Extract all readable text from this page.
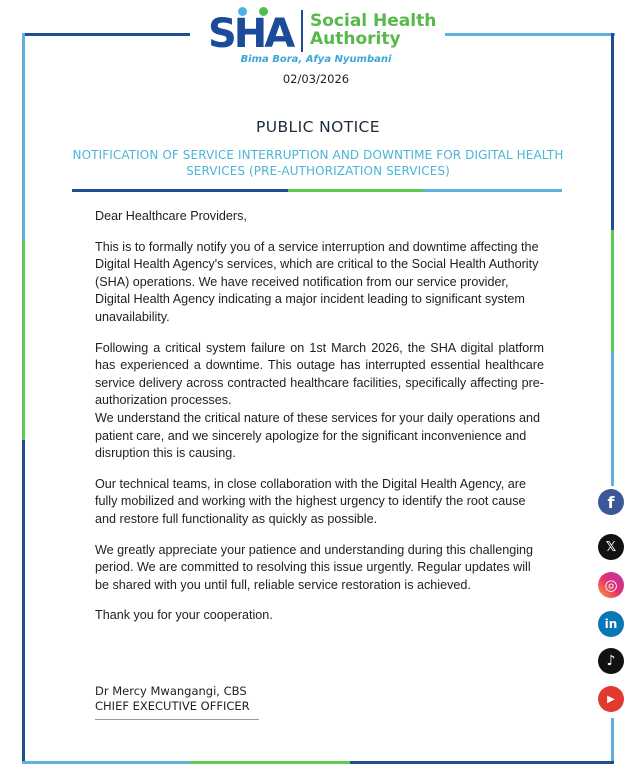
SHA Social Health
Authority
Bima Bora, Afya Nyumbani
02/03/2026
PUBLIC NOTICE
NOTIFICATION OF SERVICE INTERRUPTION AND DOWNTIME FOR DIGITAL HEALTH SERVICES (PRE-AUTHORIZATION SERVICES)

Dear Healthcare Providers,

This is to formally notify you of a service interruption and downtime affecting the Digital Health Agency's services, which are critical to the Social Health Authority (SHA) operations. We have received notification from our service provider, Digital Health Agency indicating a major incident leading to significant system unavailability.

Following a critical system failure on 1st March 2026, the SHA digital platform has experienced a downtime. This outage has interrupted essential healthcare service delivery across contracted healthcare facilities, specifically affecting pre-authorization processes.

We understand the critical nature of these services for your daily operations and patient care, and we sincerely apologize for the significant inconvenience and disruption this is causing.

Our technical teams, in close collaboration with the Digital Health Agency, are fully mobilized and working with the highest urgency to identify the root cause and restore full functionality as quickly as possible.

We greatly appreciate your patience and understanding during this challenging period. We are committed to resolving this issue urgently. Regular updates will be shared with you until full, reliable service restoration is achieved.

Thank you for your cooperation.

Dr Mercy Mwangangi, CBS
CHIEF EXECUTIVE OFFICER
f
𝕏
◎
in
♪
▶
